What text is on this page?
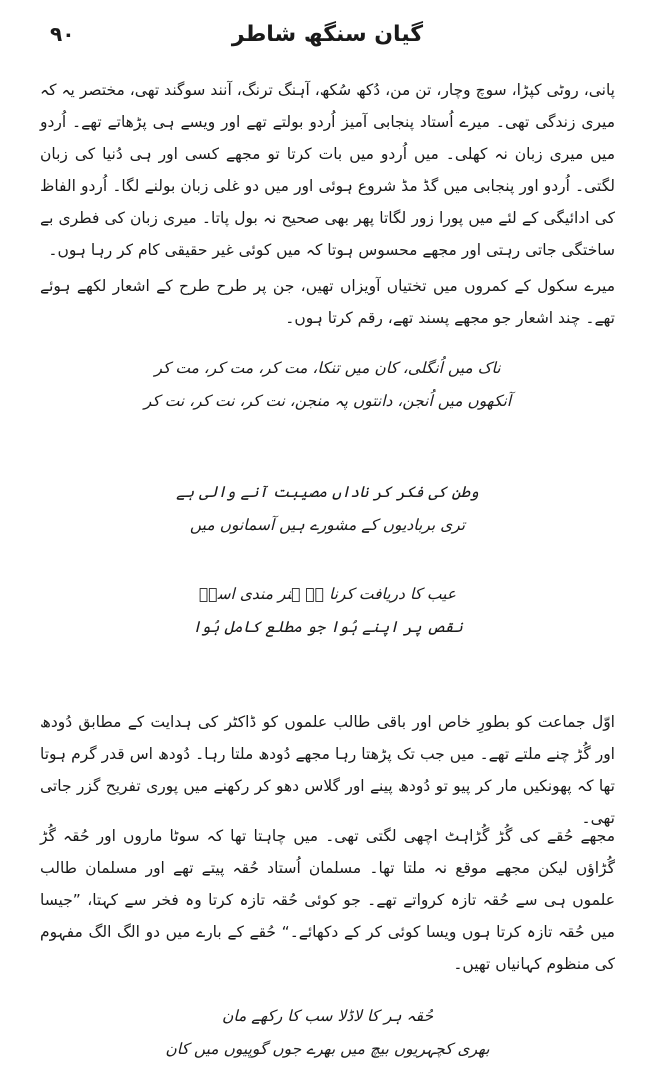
گیان سنگھ شاطر
۹۰

پانی، روٹی کپڑا، سوچ وچار، تن من، دُکھ سُکھ، آہنگ ترنگ، آنند سوگند تھی، مختصر یہ کہ میری زندگی تھی۔ میرے اُستاد پنجابی آمیز اُردو بولتے تھے اور ویسے ہی پڑھاتے تھے۔ اُردو میں میری زبان نہ کھلی۔ میں اُردو میں بات کرتا تو مجھے کسی اور ہی دُنیا کی زبان لگتی۔ اُردو اور پنجابی میں گڈ مڈ شروع ہوئی اور میں دو غلی زبان بولنے لگا۔ اُردو الفاظ کی ادائیگی کے لئے میں پورا زور لگاتا پھر بھی صحیح نہ بول پاتا۔ میری زبان کی فطری بے ساختگی جاتی رہتی اور مجھے محسوس ہوتا کہ میں کوئی غیر حقیقی کام کر رہا ہوں۔

میرے سکول کے کمروں میں تختیاں آویزاں تھیں، جن پر طرح طرح کے اشعار لکھے ہوئے تھے۔ چند اشعار جو مجھے پسند تھے، رقم کرتا ہوں۔

ناک میں اُنگلی، کان میں تنکا، مت کر، مت کر، مت کر

آنکھوں میں اُنجن، دانتوں پہ منجن، نت کر، نت کر، نت کر

وطن کی فکر کر ناداں مصیبت آنے والی ہے

تری بربادیوں کے مشورے ہیں آسمانوں میں

عیب کا دریافت کرنا ہے ہنر مندی اسدؔ

نقص پر اپنے ہُوا جو مطلع کامل ہُوا

اوّل جماعت کو بطورِ خاص اور باقی طالب علموں کو ڈاکٹر کی ہدایت کے مطابق دُودھ اور گُڑ چنے ملتے تھے۔ میں جب تک پڑھتا رہا مجھے دُودھ ملتا رہا۔ دُودھ اس قدر گرم ہوتا تھا کہ پھونکیں مار کر پیو تو دُودھ پینے اور گلاس دھو کر رکھنے میں پوری تفریح گزر جاتی تھی۔

مجھے حُقے کی گُڑ گُڑاہٹ اچھی لگتی تھی۔ میں چاہتا تھا کہ سوٹا ماروں اور حُقہ گُڑ گُڑاؤں لیکن مجھے موقع نہ ملتا تھا۔ مسلمان اُستاد حُقہ پیتے تھے اور مسلمان طالب علموں ہی سے حُقہ تازہ کرواتے تھے۔ جو کوئی حُقہ تازہ کرتا وہ فخر سے کہتا، ”جیسا میں حُقہ تازہ کرتا ہوں ویسا کوئی کر کے دکھائے۔“ حُقے کے بارے میں دو الگ الگ مفہوم کی منظوم کہانیاں تھیں۔

حُقہ ہر کا لاڈلا سب کا رکھے مان

بھری کچہریوں بیچ میں بھرے جوں گوپیوں میں کان
